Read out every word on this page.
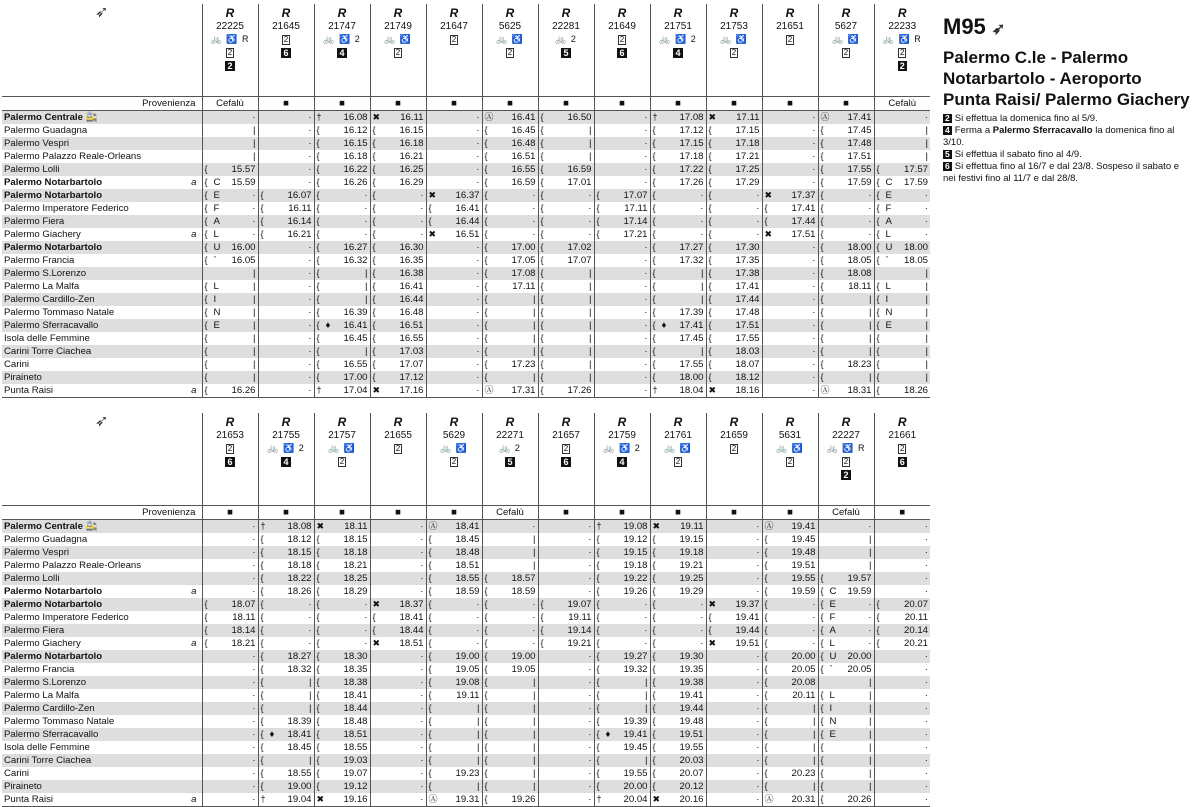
➶	R
22225
🚲 ♿ R
2
2	R
21645
2
6	R
21747
🚲 ♿ 2
4	R
21749
🚲 ♿
2	R
21647
2	R
5625
🚲 ♿
2	R
22281
🚲 2
5	R
21649
2
6	R
21751
🚲 ♿ 2
4	R
21753
🚲 ♿
2	R
21651
2	R
5627
🚲 ♿
2	R
22233
🚲 ♿ R
2
2
Provenienza	Cefalù	■	■	■	■	■	■	■	■	■	■	■	Cefalù
Palermo Centrale 🚉	·	·	† 16.08	✖ 16.11	·	Ⓐ 16.41	{ 16.50	·	† 17.08	✖ 17.11	·	Ⓐ 17.41	·

Palermo Guadagna	|	·	{ 16.12	{ 16.15	·	{ 16.45	{ |	·	{ 17.12	{ 17.15	·	{ 17.45	|

Palermo Vespri	|	·	{ 16.15	{ 16.18	·	{ 16.48	{ |	·	{ 17.15	{ 17.18	·	{ 17.48	|

Palermo Palazzo Reale-Orleans	|	·	{ 16.18	{ 16.21	·	{ 16.51	{ |	·	{ 17.18	{ 17.21	·	{ 17.51	|

Palermo Lolli	{ 15.57	·	{ 16.22	{ 16.25	·	{ 16.55	{ 16.59	·	{ 17.22	{ 17.25	·	{ 17.55	{ 17.57

a
Palermo Notarbartolo	{ C 15.59	·	{ 16.26	{ 16.29	·	{ 16.59	{ 17.01	·	{ 17.26	{ 17.29	·	{ 17.59	{ C 17.59

Palermo Notarbartolo	{ E ·	{ 16.07	{ ·	{ ·	✖ 16.37	{ ·	{ ·	{ 17.07	{ ·	{ ·	✖ 17.37	{ ·	{ E ·

Palermo Imperatore Federico	{ F ·	{ 16.11	{ ·	{ ·	{ 16.41	{ ·	{ ·	{ 17.11	{ ·	{ ·	{ 17.41	{ ·	{ F ·

Palermo Fiera	{ A ·	{ 16.14	{ ·	{ ·	{ 16.44	{ ·	{ ·	{ 17.14	{ ·	{ ·	{ 17.44	{ ·	{ A ·

a
Palermo Giachery	{ L ·	{ 16.21	{ ·	{ ·	✖ 16.51	{ ·	{ ·	{ 17.21	{ ·	{ ·	✖ 17.51	{ ·	{ L ·

Palermo Notarbartolo	{ U 16.00	·	{ 16.27	{ 16.30	·	{ 17.00	{ 17.02	·	{ 17.27	{ 17.30	·	{ 18.00	{ U 18.00

Palermo Francia	{ ` 16.05	·	{ 16.32	{ 16.35	·	{ 17.05	{ 17.07	·	{ 17.32	{ 17.35	·	{ 18.05	{ ` 18.05

Palermo S.Lorenzo	|	·	{ |	{ 16.38	·	{ 17.08	{ |	·	{ |	{ 17.38	·	{ 18.08	|

Palermo La Malfa	{ L |	·	{ |	{ 16.41	·	{ 17.11	{ |	·	{ |	{ 17.41	·	{ 18.11	{ L |

Palermo Cardillo-Zen	{ I |	·	{ |	{ 16.44	·	{ |	{ |	·	{ |	{ 17.44	·	{ |	{ I |

Palermo Tommaso Natale	{ N |	·	{ 16.39	{ 16.48	·	{ |	{ |	·	{ 17.39	{ 17.48	·	{ |	{ N |

Palermo Sferracavallo	{ E |	·	{ ♦ 16.41	{ 16.51	·	{ |	{ |	·	{ ♦ 17.41	{ 17.51	·	{ |	{ E |

Isola delle Femmine	{ |	·	{ 16.45	{ 16.55	·	{ |	{ |	·	{ 17.45	{ 17.55	·	{ |	{ |

Carini Torre Ciachea	{ |	·	{ |	{ 17.03	·	{ |	{ |	·	{ |	{ 18.03	·	{ |	{ |

Carini	{ |	·	{ 16.55	{ 17.07	·	{ 17.23	{ |	·	{ 17.55	{ 18.07	·	{ 18.23	{ |

Piraineto	{ |	·	{ 17.00	{ 17.12	·	{ |	{ |	·	{ 18.00	{ 18.12	·	{ |	{ |

a
Punta Raisi	{ 16.26	·	† 17.04	✖ 17.16	·	Ⓐ 17.31	{ 17.26	·	† 18.04	✖ 18.16	·	Ⓐ 18.31	{ 18.26
➶	R
21653
2
6	R
21755
🚲 ♿ 2
4	R
21757
🚲 ♿
2	R
21655
2	R
5629
🚲 ♿
2	R
22271
🚲 2
5	R
21657
2
6	R
21759
🚲 ♿ 2
4	R
21761
🚲 ♿
2	R
21659
2	R
5631
🚲 ♿
2	R
22227
🚲 ♿ R
2
2	R
21661
2
6
Provenienza	■	■	■	■	■	Cefalù	■	■	■	■	■	Cefalù	■
Palermo Centrale 🚉	·	† 18.08	✖ 18.11	·	Ⓐ 18.41	·	·	† 19.08	✖ 19.11	·	Ⓐ 19.41	·	·

Palermo Guadagna	·	{ 18.12	{ 18.15	·	{ 18.45	|	·	{ 19.12	{ 19.15	·	{ 19.45	|	·

Palermo Vespri	·	{ 18.15	{ 18.18	·	{ 18.48	|	·	{ 19.15	{ 19.18	·	{ 19.48	|	·

Palermo Palazzo Reale-Orleans	·	{ 18.18	{ 18.21	·	{ 18.51	|	·	{ 19.18	{ 19.21	·	{ 19.51	|	·

Palermo Lolli	·	{ 18.22	{ 18.25	·	{ 18.55	{ 18.57	·	{ 19.22	{ 19.25	·	{ 19.55	{ 19.57	·

a
Palermo Notarbartolo	·	{ 18.26	{ 18.29	·	{ 18.59	{ 18.59	·	{ 19.26	{ 19.29	·	{ 19.59	{ C 19.59	·

Palermo Notarbartolo	{ 18.07	{ ·	{ ·	✖ 18.37	{ ·	{ ·	{ 19.07	{ ·	{ ·	✖ 19.37	{ ·	{ E ·	{ 20.07

Palermo Imperatore Federico	{ 18.11	{ ·	{ ·	{ 18.41	{ ·	{ ·	{ 19.11	{ ·	{ ·	{ 19.41	{ ·	{ F ·	{ 20.11

Palermo Fiera	{ 18.14	{ ·	{ ·	{ 18.44	{ ·	{ ·	{ 19.14	{ ·	{ ·	{ 19.44	{ ·	{ A ·	{ 20.14

a
Palermo Giachery	{ 18.21	{ ·	{ ·	✖ 18.51	{ ·	{ ·	{ 19.21	{ ·	{ ·	✖ 19.51	{ ·	{ L ·	{ 20.21

Palermo Notarbartolo	·	{ 18.27	{ 18.30	·	{ 19.00	{ 19.00	·	{ 19.27	{ 19.30	·	{ 20.00	{ U 20.00	·

Palermo Francia	·	{ 18.32	{ 18.35	·	{ 19.05	{ 19.05	·	{ 19.32	{ 19.35	·	{ 20.05	{ ` 20.05	·

Palermo S.Lorenzo	·	{ |	{ 18.38	·	{ 19.08	{ |	·	{ |	{ 19.38	·	{ 20.08	|	·

Palermo La Malfa	·	{ |	{ 18.41	·	{ 19.11	{ |	·	{ |	{ 19.41	·	{ 20.11	{ L |	·

Palermo Cardillo-Zen	·	{ |	{ 18.44	·	{ |	{ |	·	{ |	{ 19.44	·	{ |	{ I |	·

Palermo Tommaso Natale	·	{ 18.39	{ 18.48	·	{ |	{ |	·	{ 19.39	{ 19.48	·	{ |	{ N |	·

Palermo Sferracavallo	·	{ ♦ 18.41	{ 18.51	·	{ |	{ |	·	{ ♦ 19.41	{ 19.51	·	{ |	{ E |	·

Isola delle Femmine	·	{ 18.45	{ 18.55	·	{ |	{ |	·	{ 19.45	{ 19.55	·	{ |	{ |	·

Carini Torre Ciachea	·	{ |	{ 19.03	·	{ |	{ |	·	{ |	{ 20.03	·	{ |	{ |	·

Carini	·	{ 18.55	{ 19.07	·	{ 19.23	{ |	·	{ 19.55	{ 20.07	·	{ 20.23	{ |	·

Piraineto	·	{ 19.00	{ 19.12	·	{ |	{ |	·	{ 20.00	{ 20.12	·	{ |	{ |	·

a
Punta Raisi	·	† 19.04	✖ 19.16	·	Ⓐ 19.31	{ 19.26	·	† 20.04	✖ 20.16	·	Ⓐ 20.31	{ 20.26	·
M95 ➶
Palermo C.le - Palermo Notarbartolo - Aeroporto Punta Raisi/ Palermo Giachery

2 Si effettua la domenica fino al 5/9.

4 Ferma a Palermo Sferracavallo la domenica fino al 3/10.

5 Si effettua il sabato fino al 4/9.

6 Si effettua fino al 16/7 e dal 23/8. Sospeso il sabato e nei festivi fino al 11/7 e dal 28/8.
